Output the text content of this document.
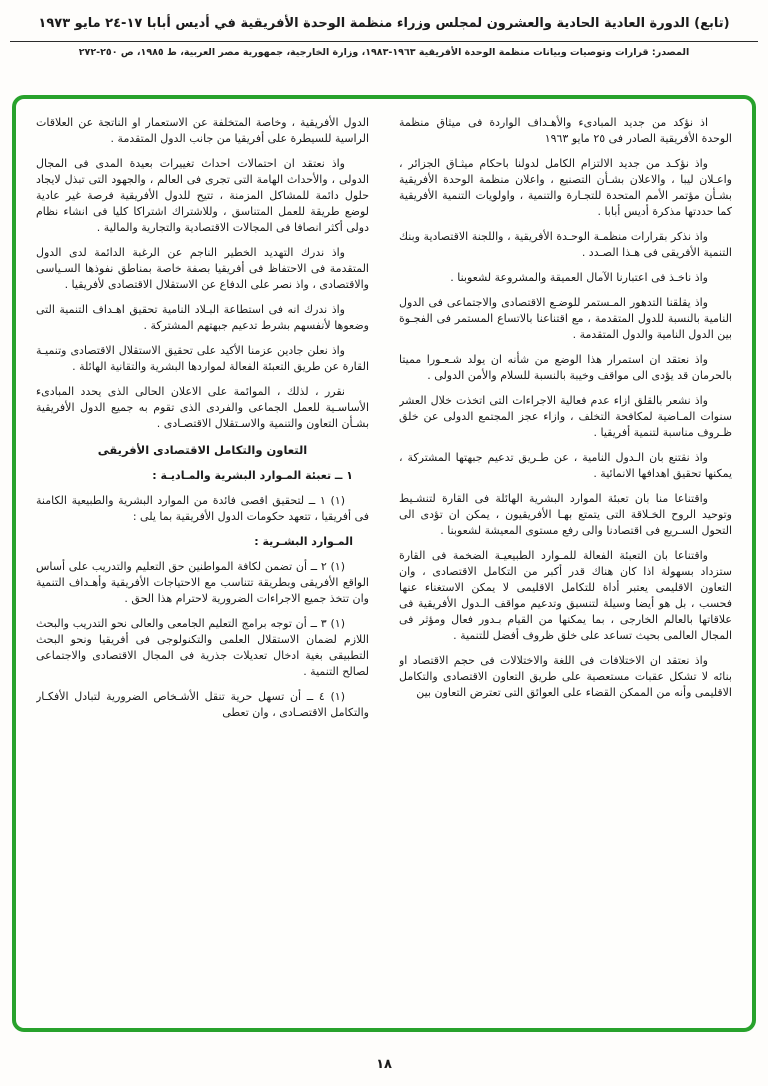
(تابع) الدورة العادية الحادية والعشرون لمجلس وزراء منظمة الوحدة الأفريقية في أديس أبابا ١٧-٢٤ مايو ١٩٧٣
المصدر: قرارات وتوصيات وبيانات منظمة الوحدة الأفريقية ١٩٦٣-١٩٨٣، وزارة الخارجية، جمهورية مصر العربية، ط ١٩٨٥، ص ٢٥٠-٢٧٢

اذ نؤكد من جديد المبادىء والأهـداف الواردة فى ميثاق منظمة الوحدة الأفريقية الصادر فى ٢٥ مايو ١٩٦٣

واذ نؤكـد من جديد الالتزام الكامل لدولنا باحكام ميثـاق الجزائر ، واعـلان ليبا ، والاعلان بشـأن التصنيع ، واعلان منظمة الوحدة الأفريقية بشـأن مؤتمر الأمم المتحدة للتجـارة والتنمية ، واولويات التنمية الأفريقية كما حددتها مذكرة أديس أبابا .

واذ نذكر بقرارات منظمـة الوحـدة الأفريقية ، واللجنة الاقتصادية وبنك التنمية الأفريقى فى هـذا الصـدد .

واذ ناخـذ فى اعتبارنا الآمال العميقة والمشروعة لشعوبنا .

واذ يقلقنا التدهور المـستمر للوضـع الاقتصادى والاجتماعى فى الدول النامية بالنسبة للدول المتقدمة ، مع اقتناعنا بالاتساع المستمر فى الفجـوة بين الدول النامية والدول المتقدمة .

واذ نعتقد ان استمرار هذا الوضع من شأنه ان يولد شـعـورا مميتا بالحرمان قد يؤدى الى مواقف وخيبة بالنسبة للسلام والأمن الدولى .

واذ نشعر بالقلق ازاء عدم فعالية الاجراءات التى اتخذت خلال العشر سنوات المـاضية لمكافحة التخلف ، وازاء عجز المجتمع الدولى عن خلق ظـروف مناسبة لتنمية أفريقيا .

واذ نقتنع بان الـدول النامية ، عن طـريق تدعيم جبهتها المشتركة ، يمكنها تحقيق اهدافها الانمائية .

واقتناعا منا بان تعبئة الموارد البشرية الهائلة فى القارة لتنشـيط وتوحيد الروح الخـلاقة التى يتمتع بهـا الأفريقيون ، يمكن ان تؤدى الى التحول السـريع فى اقتصادنا والى رفع مستوى المعيشة لشعوبنا .

واقتناعا بان التعبئة الفعالة للمـوارد الطبيعيـة الضخمة فى القارة ستزداد بسهولة اذا كان هناك قدر أكبر من التكامل الاقتصادى ، وان التعاون الاقليمى يعتبر أداة للتكامل الاقليمى لا يمكن الاستغناء عنها فحسب ، بل هو أيضا وسيلة لتنسيق وتدعيم مواقف الـدول الأفريقية فى علاقاتها بالعالم الخارجى ، بما يمكنها من القيام بـدور فعال ومؤثر فى المجال العالمى بحيث تساعد على خلق ظروف أفضل للتنمية .

واذ نعتقد ان الاختلافات فى اللغة والاختلالات فى حجم الاقتصاد او بنائه لا تشكل عقبات مستعصية على طريق التعاون الاقتصادى والتكامل الاقليمى وأنه من الممكن القضاء على العوائق التى تعترض التعاون بين

الدول الأفريقية ، وخاصة المتخلفة عن الاستعمار او الناتجة عن العلاقات الراسية للسيطرة على أفريقيا من جانب الدول المتقدمة .

واذ نعتقد ان احتمالات احداث تغييرات بعيدة المدى فى المجال الدولى ، والأحداث الهامة التى تجرى فى العالم ، والجهود التى تبذل لايجاد حلول دائمة للمشاكل المزمنة ، تتيح للدول الأفريقية فرصة غير عادية لوضع طريقة للعمل المتناسق ، وللاشتراك اشتراكا كليا فى انشاء نظام دولى أكثر انصافا فى المجالات الاقتصادية والتجارية والمالية .

واذ ندرك التهديد الخطير الناجم عن الرغبة الدائمة لدى الدول المتقدمة فى الاحتفاظ فى أفريقيا بصفة خاصة بمناطق نفوذها السـياسى والاقتصادى ، واذ نصر على الدفاع عن الاستقلال الاقتصادى لأفريقيا .

واذ ندرك انه فى استطاعة البـلاد النامية تحقيق اهـداف التنمية التى وضعوها لأنفسهم بشرط تدعيم جبهتهم المشتركة .

واذ نعلن جادين عزمنا الأكيد على تحقيق الاستقلال الاقتصادى وتنميـة القارة عن طريق التعبئة الفعالة لمواردها البشرية والتقانية الهائلة .

نقرر ، لذلك ، الموائمة على الاعلان الحالى الذى يحدد المبادىء الأساسـية للعمل الجماعى والفردى الذى تقوم به جميع الدول الأفريقية بشـأن التعاون والتنمية والاسـتقلال الاقتصـادى .

التعاون والتكامل الاقتصادى الأفريقى

١ ــ تعبئة المـوارد البشرية والمـاديـة :

(١) ١ ــ لتحقيق اقصى فائدة من الموارد البشرية والطبيعية الكامنة فى أفريقيا ، تتعهد حكومات الدول الأفريقية بما يلى :

المـوارد البشـرية :

(١) ٢ ــ أن تضمن لكافة المواطنين حق التعليم والتدريب على أساس الواقع الأفريقى وبطريقة تتناسب مع الاحتياجات الأفريقية وأهـداف التنمية وان تتخذ جميع الاجراءات الضرورية لاحترام هذا الحق .

(١) ٣ ــ أن توجه برامج التعليم الجامعى والعالى نحو التدريب والبحث اللازم لضمان الاستقلال العلمى والتكنولوجى فى أفريقيا ونحو البحث التطبيقى بغية ادخال تعديلات جذرية فى المجال الاقتصادى والاجتماعى لصالح التنمية .

(١) ٤ ــ أن تسهل حرية تنقل الأشـخاص الضرورية لتبادل الأفكـار والتكامل الاقتصـادى ، وان تعطى

١٨
